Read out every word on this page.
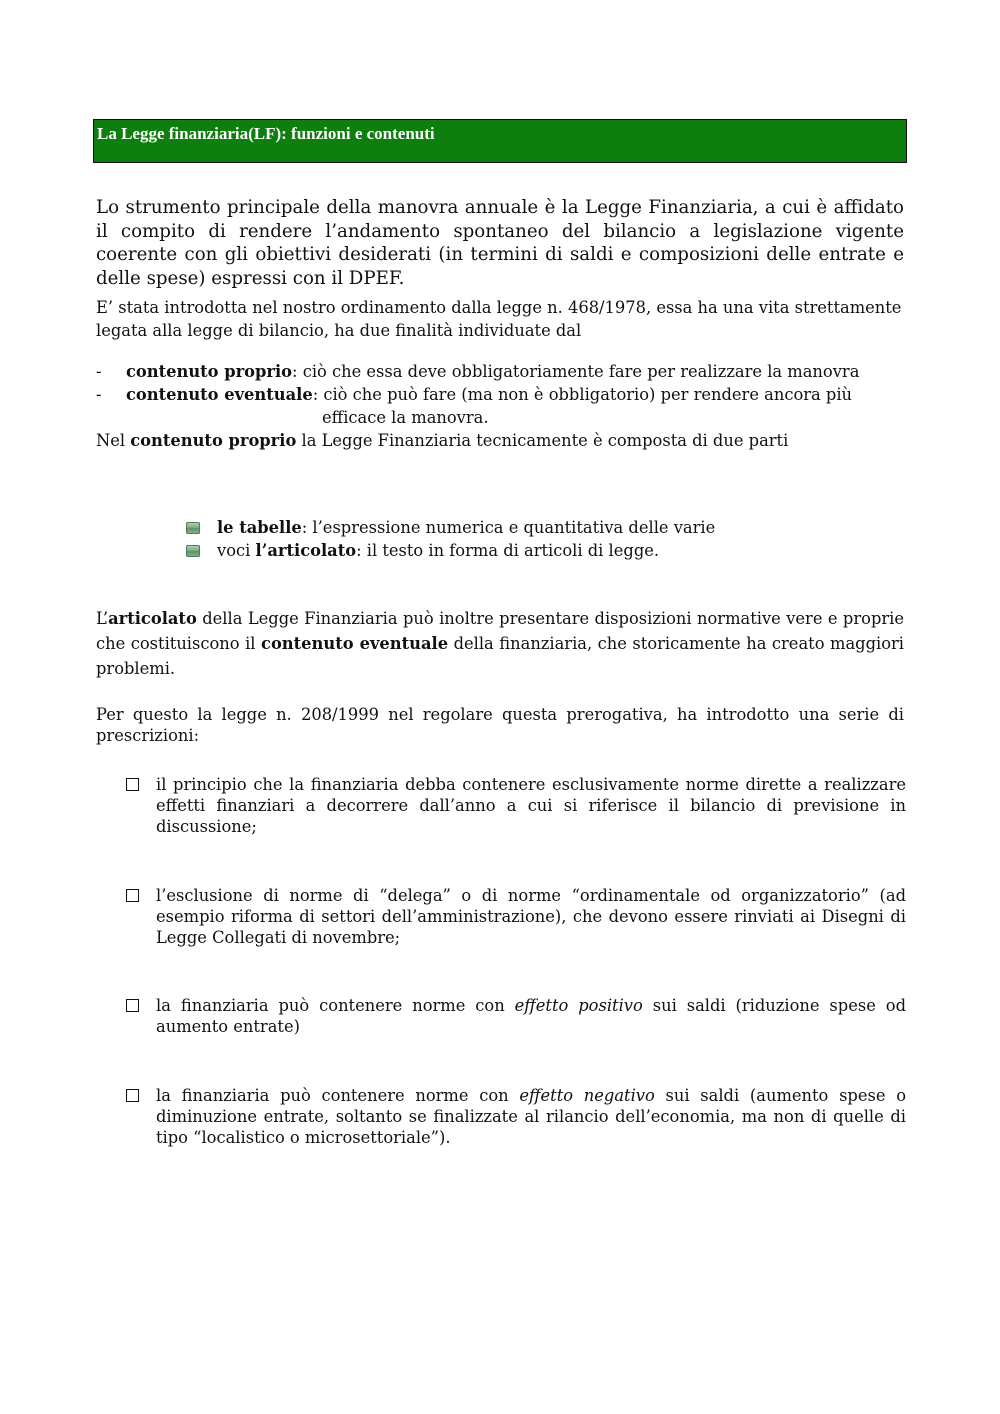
La Legge finanziaria(LF): funzioni e contenuti
Lo strumento principale della manovra annuale è la Legge Finanziaria, a cui è affidato il compito di rendere l’andamento spontaneo del bilancio a legislazione vigente coerente con gli obiettivi desiderati (in termini di saldi e composizioni delle entrate e delle spese) espressi con il DPEF.
E’ stata introdotta nel nostro ordinamento dalla legge n. 468/1978, essa ha una vita strettamente legata alla legge di bilancio, ha due finalità individuate dal
- contenuto proprio: ciò che essa deve obbligatoriamente fare per realizzare la manovra
- contenuto eventuale: ciò che può fare (ma non è obbligatorio) per rendere ancora più
efficace la manovra.
Nel contenuto proprio la Legge Finanziaria tecnicamente è composta di due parti
le tabelle: l’espressione numerica e quantitativa delle varie
voci l’articolato: il testo in forma di articoli di legge.
L’articolato della Legge Finanziaria può inoltre presentare disposizioni normative vere e proprie che costituiscono il contenuto eventuale della finanziaria, che storicamente ha creato maggiori problemi.
Per questo la legge n. 208/1999 nel regolare questa prerogativa, ha introdotto una serie di prescrizioni:
il principio che la finanziaria debba contenere esclusivamente norme dirette a realizzare effetti finanziari a decorrere dall’anno a cui si riferisce il bilancio di previsione in discussione;
l’esclusione di norme di “delega” o di norme “ordinamentale od organizzatorio” (ad esempio riforma di settori dell’amministrazione), che devono essere rinviati ai Disegni di Legge Collegati di novembre;
la finanziaria può contenere norme con effetto positivo sui saldi (riduzione spese od aumento entrate)
la finanziaria può contenere norme con effetto negativo sui saldi (aumento spese o diminuzione entrate, soltanto se finalizzate al rilancio dell’economia, ma non di quelle di tipo “localistico o microsettoriale”).
